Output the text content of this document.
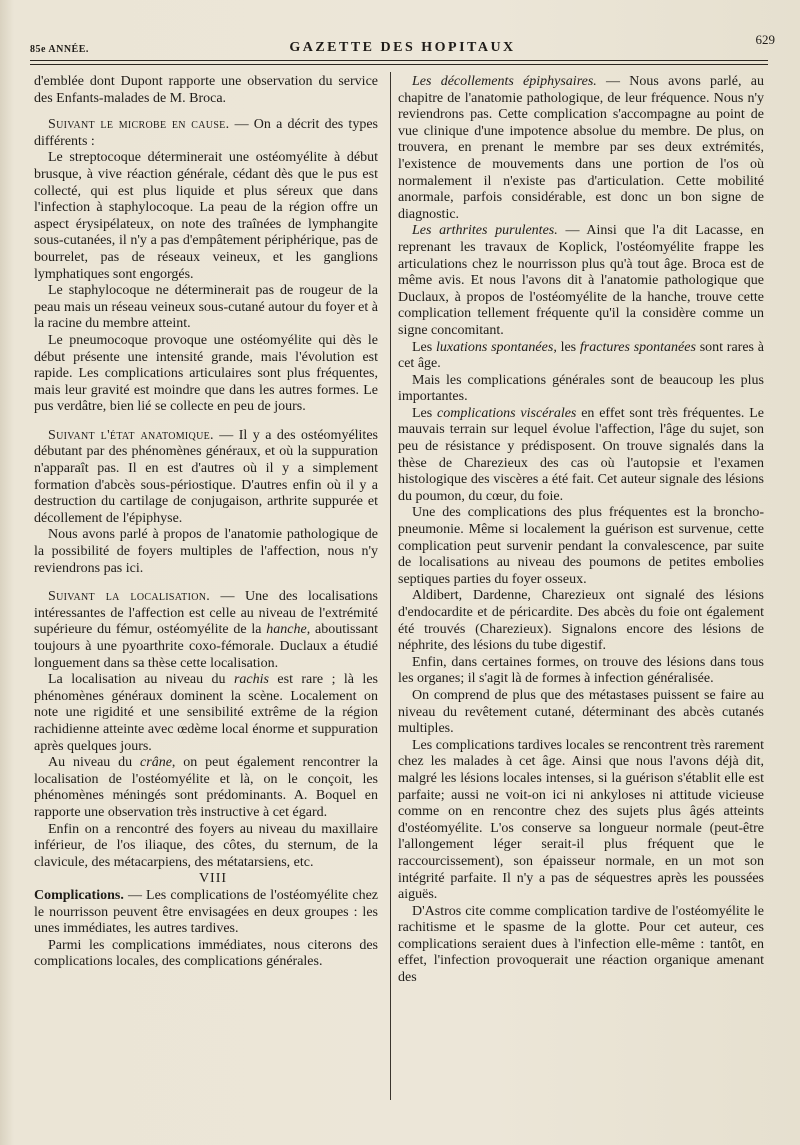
85e ANNÉE.	GAZETTE DES HOPITAUX
629

d'emblée dont Dupont rapporte une observation du service des Enfants-malades de M. Broca.

Suivant le microbe en cause. — On a décrit des types différents :

Le streptocoque déterminerait une ostéomyélite à début brusque, à vive réaction générale, cédant dès que le pus est collecté, qui est plus liquide et plus séreux que dans l'infection à staphylocoque. La peau de la région offre un aspect érysipélateux, on note des traînées de lymphangite sous-cutanées, il n'y a pas d'empâtement périphérique, pas de bourrelet, pas de réseaux veineux, et les ganglions lymphatiques sont engorgés.

Le staphylocoque ne déterminerait pas de rougeur de la peau mais un réseau veineux sous-cutané autour du foyer et à la racine du membre atteint.

Le pneumocoque provoque une ostéomyélite qui dès le début présente une intensité grande, mais l'évolution est rapide. Les complications articulaires sont plus fréquentes, mais leur gravité est moindre que dans les autres formes. Le pus verdâtre, bien lié se collecte en peu de jours.

Suivant l'état anatomique. — Il y a des ostéomyélites débutant par des phénomènes généraux, et où la suppuration n'apparaît pas. Il en est d'autres où il y a simplement formation d'abcès sous-périostique. D'autres enfin où il y a destruction du cartilage de conjugaison, arthrite suppurée et décollement de l'épiphyse.

Nous avons parlé à propos de l'anatomie pathologique de la possibilité de foyers multiples de l'affection, nous n'y reviendrons pas ici.

Suivant la localisation. — Une des localisations intéressantes de l'affection est celle au niveau de l'extrémité supérieure du fémur, ostéomyélite de la hanche, aboutissant toujours à une pyoarthrite coxo-fémorale. Duclaux a étudié longuement dans sa thèse cette localisation.

La localisation au niveau du rachis est rare ; là les phénomènes généraux dominent la scène. Localement on note une rigidité et une sensibilité extrême de la région rachidienne atteinte avec œdème local énorme et suppuration après quelques jours.

Au niveau du crâne, on peut également rencontrer la localisation de l'ostéomyélite et là, on le conçoit, les phénomènes méningés sont prédominants. A. Boquel en rapporte une observation très instructive à cet égard.

Enfin on a rencontré des foyers au niveau du maxillaire inférieur, de l'os iliaque, des côtes, du sternum, de la clavicule, des métacarpiens, des métatarsiens, etc.

VIII

Complications. — Les complications de l'ostéomyélite chez le nourrisson peuvent être envisagées en deux groupes : les unes immédiates, les autres tardives.

Parmi les complications immédiates, nous citerons des complications locales, des complications générales.

Les décollements épiphysaires. — Nous avons parlé, au chapitre de l'anatomie pathologique, de leur fréquence. Nous n'y reviendrons pas. Cette complication s'accompagne au point de vue clinique d'une impotence absolue du membre. De plus, on trouvera, en prenant le membre par ses deux extrémités, l'existence de mouvements dans une portion de l'os où normalement il n'existe pas d'articulation. Cette mobilité anormale, parfois considérable, est donc un bon signe de diagnostic.

Les arthrites purulentes. — Ainsi que l'a dit Lacasse, en reprenant les travaux de Koplick, l'ostéomyélite frappe les articulations chez le nourrisson plus qu'à tout âge. Broca est de même avis. Et nous l'avons dit à l'anatomie pathologique que Duclaux, à propos de l'ostéomyélite de la hanche, trouve cette complication tellement fréquente qu'il la considère comme un signe concomitant.

Les luxations spontanées, les fractures spontanées sont rares à cet âge.

Mais les complications générales sont de beaucoup les plus importantes.

Les complications viscérales en effet sont très fréquentes. Le mauvais terrain sur lequel évolue l'affection, l'âge du sujet, son peu de résistance y prédisposent. On trouve signalés dans la thèse de Charezieux des cas où l'autopsie et l'examen histologique des viscères a été fait. Cet auteur signale des lésions du poumon, du cœur, du foie.

Une des complications des plus fréquentes est la broncho-pneumonie. Même si localement la guérison est survenue, cette complication peut survenir pendant la convalescence, par suite de localisations au niveau des poumons de petites embolies septiques parties du foyer osseux.

Aldibert, Dardenne, Charezieux ont signalé des lésions d'endocardite et de péricardite. Des abcès du foie ont également été trouvés (Charezieux). Signalons encore des lésions de néphrite, des lésions du tube digestif.

Enfin, dans certaines formes, on trouve des lésions dans tous les organes; il s'agit là de formes à infection généralisée.

On comprend de plus que des métastases puissent se faire au niveau du revêtement cutané, déterminant des abcès cutanés multiples.

Les complications tardives locales se rencontrent très rarement chez les malades à cet âge. Ainsi que nous l'avons déjà dit, malgré les lésions locales intenses, si la guérison s'établit elle est parfaite; aussi ne voit-on ici ni ankyloses ni attitude vicieuse comme on en rencontre chez des sujets plus âgés atteints d'ostéomyélite. L'os conserve sa longueur normale (peut-être l'allongement léger serait-il plus fréquent que le raccourcissement), son épaisseur normale, en un mot son intégrité parfaite. Il n'y a pas de séquestres après les poussées aiguës.

D'Astros cite comme complication tardive de l'ostéomyélite le rachitisme et le spasme de la glotte. Pour cet auteur, ces complications seraient dues à l'infection elle-même : tantôt, en effet, l'infection provoquerait une réaction organique amenant des
